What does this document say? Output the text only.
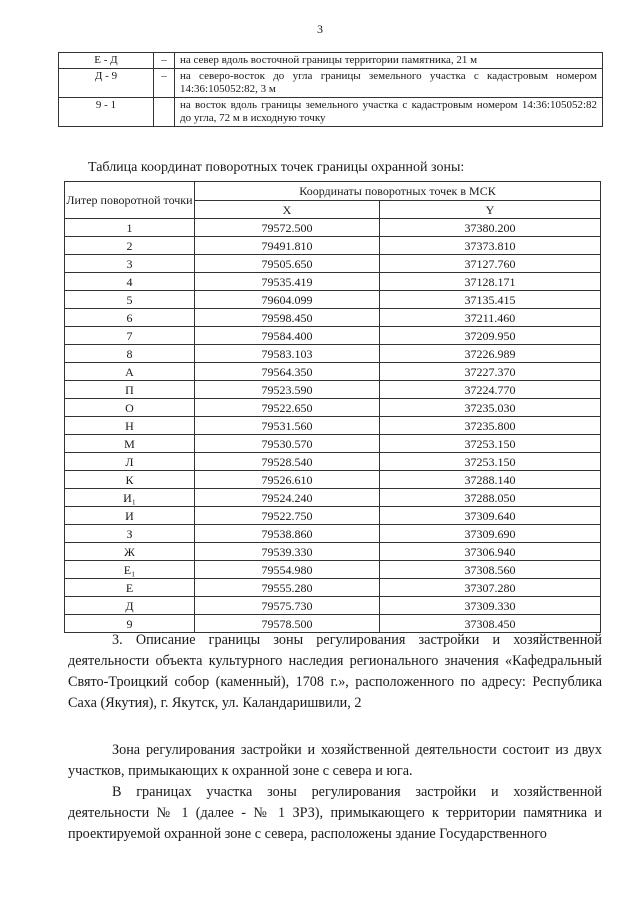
3
Е - Д	–	на север вдоль восточной границы территории памятника, 21 м
Д - 9	–	на северо-восток до угла границы земельного участка с кадастровым номером 14:36:105052:82, 3 м
9 - 1		на восток вдоль границы земельного участка с кадастровым номером 14:36:105052:82 до угла, 72 м в исходную точку
Таблица координат поворотных точек границы охранной зоны:
Литер поворотной точки	Координаты поворотных точек в МСК	
	X	Y
1	79572.500	37380.200
2	79491.810	37373.810
3	79505.650	37127.760
4	79535.419	37128.171
5	79604.099	37135.415
6	79598.450	37211.460
7	79584.400	37209.950
8	79583.103	37226.989
А	79564.350	37227.370
П	79523.590	37224.770
О	79522.650	37235.030
Н	79531.560	37235.800
М	79530.570	37253.150
Л	79528.540	37253.150
К	79526.610	37288.140
И₁	79524.240	37288.050
И	79522.750	37309.640
З	79538.860	37309.690
Ж	79539.330	37306.940
Е₁	79554.980	37308.560
Е	79555.280	37307.280
Д	79575.730	37309.330
9	79578.500	37308.450
3. Описание границы зоны регулирования застройки и хозяйственной деятельности объекта культурного наследия регионального значения «Кафедральный Свято-Троицкий собор (каменный), 1708 г.», расположенного по адресу: Республика Саха (Якутия), г. Якутск, ул. Каландаришвили, 2
Зона регулирования застройки и хозяйственной деятельности состоит из двух участков, примыкающих к охранной зоне с севера и юга.
В границах участка зоны регулирования застройки и хозяйственной деятельности № 1 (далее - № 1 ЗРЗ), примыкающего к территории памятника и проектируемой охранной зоне с севера, расположены здание Государственного
